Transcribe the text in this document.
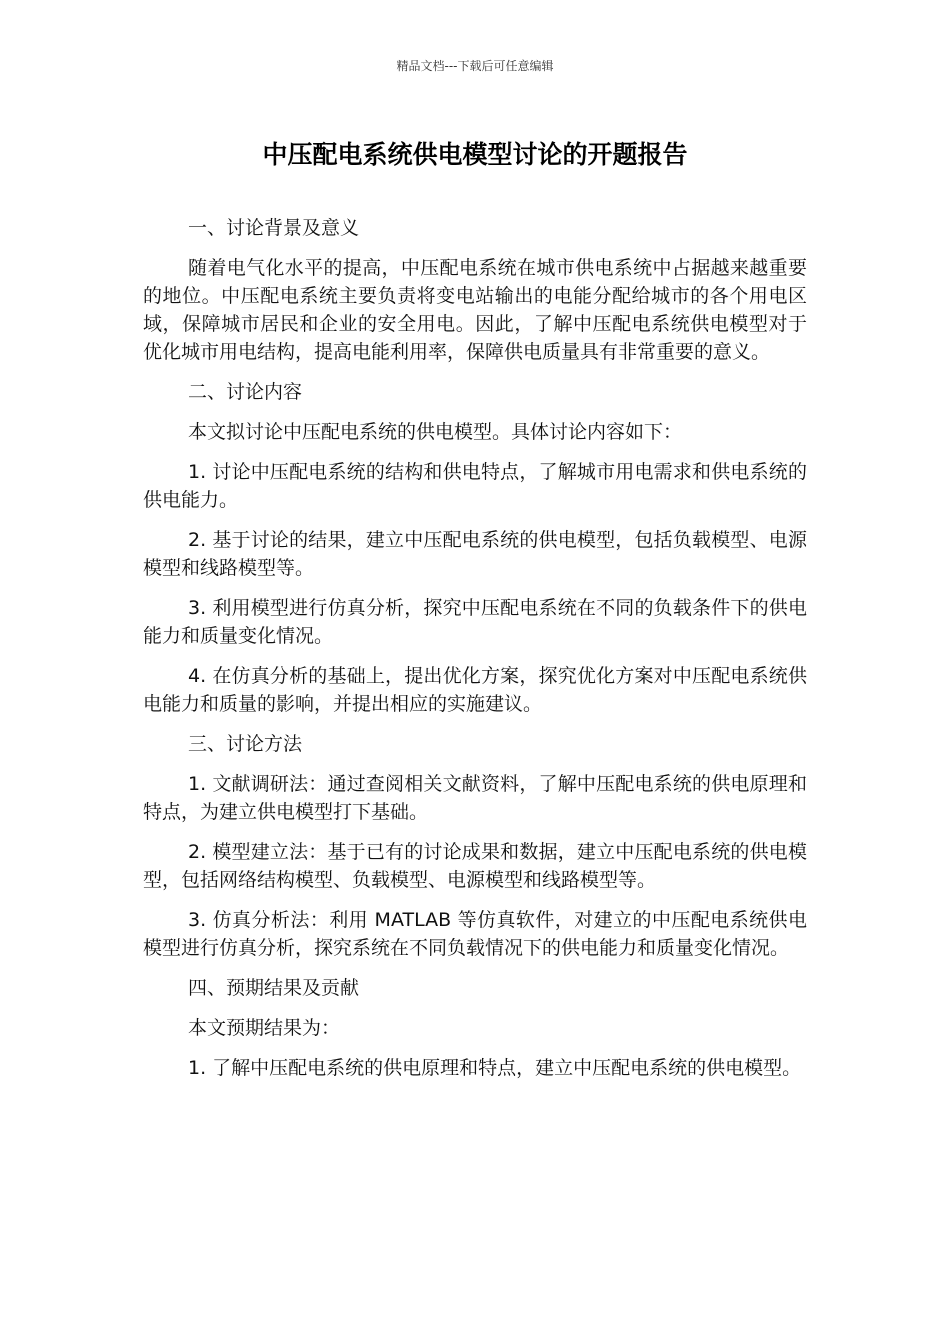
精品文档---下载后可任意编辑
中压配电系统供电模型讨论的开题报告

一、讨论背景及意义

随着电气化水平的提高，中压配电系统在城市供电系统中占据越来越重要的地位。中压配电系统主要负责将变电站输出的电能分配给城市的各个用电区域，保障城市居民和企业的安全用电。因此，了解中压配电系统供电模型对于优化城市用电结构，提高电能利用率，保障供电质量具有非常重要的意义。

二、讨论内容

本文拟讨论中压配电系统的供电模型。具体讨论内容如下：

1. 讨论中压配电系统的结构和供电特点，了解城市用电需求和供电系统的供电能力。

2. 基于讨论的结果，建立中压配电系统的供电模型，包括负载模型、电源模型和线路模型等。

3. 利用模型进行仿真分析，探究中压配电系统在不同的负载条件下的供电能力和质量变化情况。

4. 在仿真分析的基础上，提出优化方案，探究优化方案对中压配电系统供电能力和质量的影响，并提出相应的实施建议。

三、讨论方法

1. 文献调研法：通过查阅相关文献资料，了解中压配电系统的供电原理和特点，为建立供电模型打下基础。

2. 模型建立法：基于已有的讨论成果和数据，建立中压配电系统的供电模型，包括网络结构模型、负载模型、电源模型和线路模型等。

3. 仿真分析法：利用 MATLAB 等仿真软件，对建立的中压配电系统供电模型进行仿真分析，探究系统在不同负载情况下的供电能力和质量变化情况。

四、预期结果及贡献

本文预期结果为：

1. 了解中压配电系统的供电原理和特点，建立中压配电系统的供电模型。
